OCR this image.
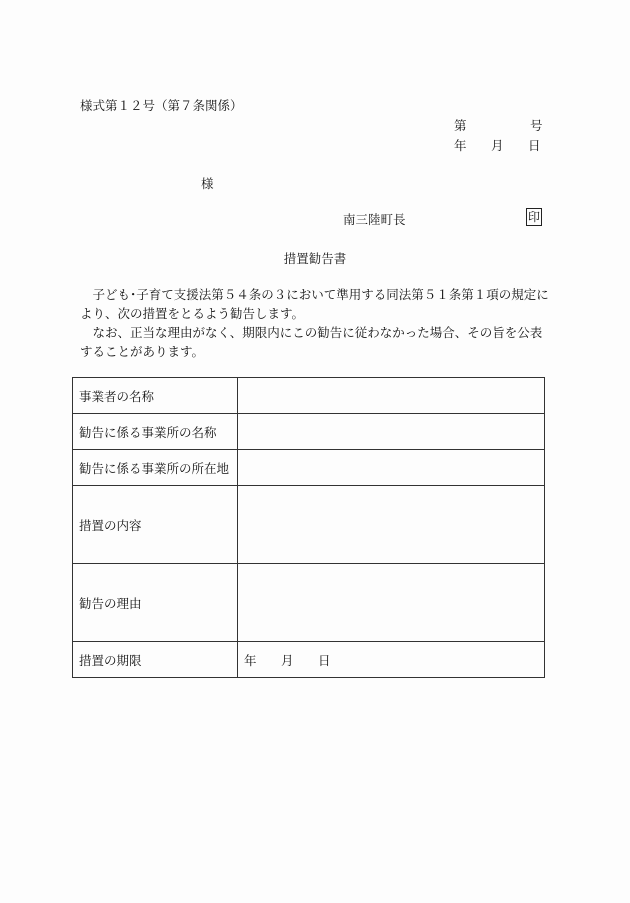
様式第１２号（第７条関係）
第	号
年 月 日
様
南三陸町長	印
措置勧告書

子ども･子育て支援法第５４条の３において準用する同法第５１条第１項の規定により、次の措置をとるよう勧告します。

なお、正当な理由がなく、期限内にこの勧告に従わなかった場合、その旨を公表することがあります。

事業者の名称	
勧告に係る事業所の名称	
勧告に係る事業所の所在地	
措置の内容	
勧告の理由	
措置の期限	年 月 日
